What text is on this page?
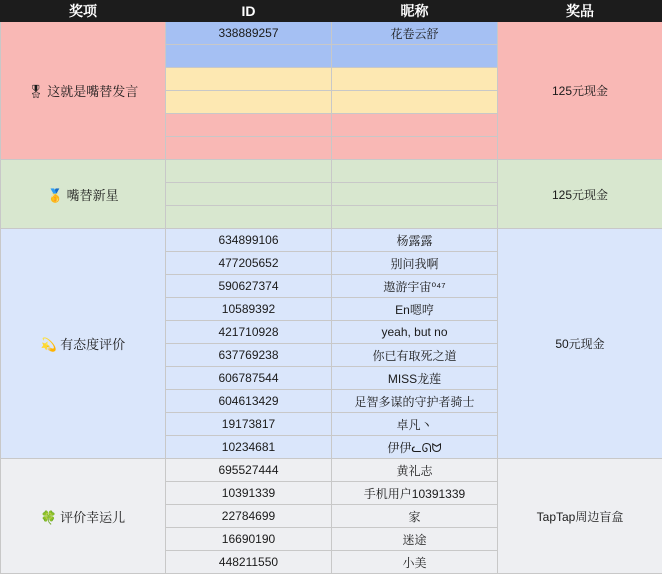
奖项	ID	昵称	奖品
🎖 这就是嘴替发言	338889257	花卷云舒	125元现金

🥇 嘴替新星			125元现金

💫 有态度评价	634899106	杨露露	50元现金
	477205652	别问我啊	
	590627374	遨游宇宙⁰⁴⁷	
	10589392	En嗯哼	
	421710928	yeah, but no	
	637769238	你已有取死之道	
	606787544	MISS龙莲	
	604613429	足智多谋的守护者骑士	
	19173817	卓凡丶	
	10234681	伊伊ᓚᘏᗢ	
🍀 评价幸运儿	695527444	黄礼志	TapTap周边盲盒
	10391339	手机用户10391339	
	22784699	家	
	16690190	迷途	
	448211550	小美	
